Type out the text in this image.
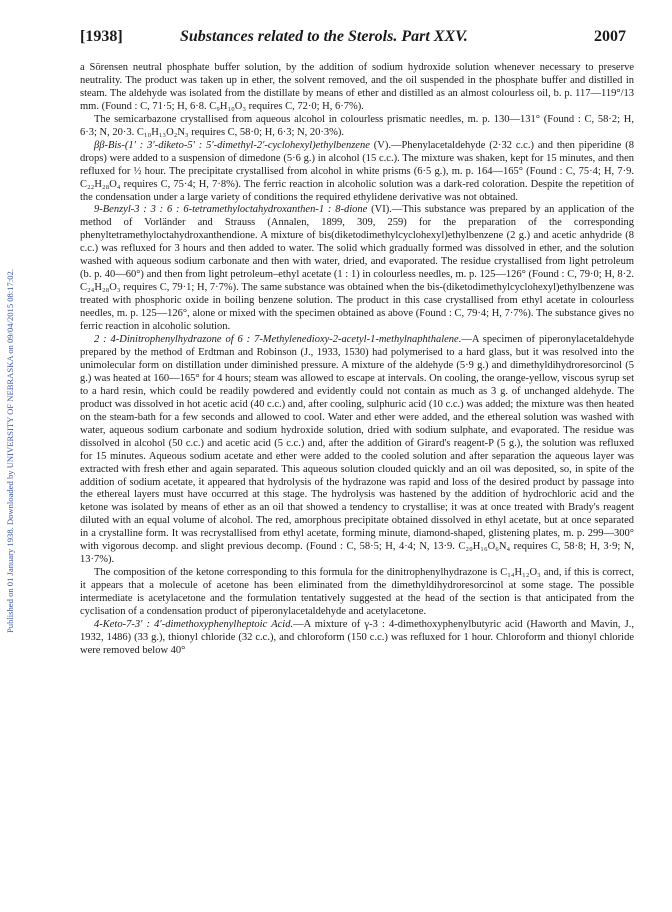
Published on 01 January 1938. Downloaded by UNIVERSITY OF NEBRASKA on 09/04/2015 08:17:02.
[1938]	Substances related to the Sterols. Part XXV.	2007

a Sörensen neutral phosphate buffer solution, by the addition of sodium hydroxide solution whenever necessary to preserve neutrality. The product was taken up in ether, the solvent removed, and the oil suspended in the phosphate buffer and distilled in steam. The aldehyde was isolated from the distillate by means of ether and distilled as an almost colourless oil, b. p. 117—119°/13 mm. (Found : C, 71·5; H, 6·8. C₉H₁₀O₃ requires C, 72·0; H, 6·7%).

The semicarbazone crystallised from aqueous alcohol in colourless prismatic needles, m. p. 130—131° (Found : C, 58·2; H, 6·3; N, 20·3. C₁₀H₁₃O₂N₃ requires C, 58·0; H, 6·3; N, 20·3%).

ββ-Bis-(1′ : 3′-diketo-5′ : 5′-dimethyl-2′-cyclohexyl)ethylbenzene (V).—Phenylacetaldehyde (2·32 c.c.) and then piperidine (8 drops) were added to a suspension of dimedone (5·6 g.) in alcohol (15 c.c.). The mixture was shaken, kept for 15 minutes, and then refluxed for ½ hour. The precipitate crystallised from alcohol in white prisms (6·5 g.), m. p. 164—165° (Found : C, 75·4; H, 7·9. C₂₂H₂₈O₄ requires C, 75·4; H, 7·8%). The ferric reaction in alcoholic solution was a dark-red coloration. Despite the repetition of the condensation under a large variety of conditions the required ethylidene derivative was not obtained.

9-Benzyl-3 : 3 : 6 : 6-tetramethyloctahydroxanthen-1 : 8-dione (VI).—This substance was prepared by an application of the method of Vorländer and Strauss (Annalen, 1899, 309, 259) for the preparation of the corresponding phenyltetramethyloctahydroxanthendione. A mixture of bis(diketodimethylcyclohexyl)ethylbenzene (2 g.) and acetic anhydride (8 c.c.) was refluxed for 3 hours and then added to water. The solid which gradually formed was dissolved in ether, and the solution washed with aqueous sodium carbonate and then with water, dried, and evaporated. The residue crystallised from light petroleum (b. p. 40—60°) and then from light petroleum–ethyl acetate (1 : 1) in colourless needles, m. p. 125—126° (Found : C, 79·0; H, 8·2. C₂₄H₂₈O₃ requires C, 79·1; H, 7·7%). The same substance was obtained when the bis-(diketodimethylcyclohexyl)ethylbenzene was treated with phosphoric oxide in boiling benzene solution. The product in this case crystallised from ethyl acetate in colourless needles, m. p. 125—126°, alone or mixed with the specimen obtained as above (Found : C, 79·4; H, 7·7%). The substance gives no ferric reaction in alcoholic solution.

2 : 4-Dinitrophenylhydrazone of 6 : 7-Methylenedioxy-2-acetyl-1-methylnaphthalene.—A specimen of piperonylacetaldehyde prepared by the method of Erdtman and Robinson (J., 1933, 1530) had polymerised to a hard glass, but it was resolved into the unimolecular form on distillation under diminished pressure. A mixture of the aldehyde (5·9 g.) and dimethyldihydroresorcinol (5 g.) was heated at 160—165° for 4 hours; steam was allowed to escape at intervals. On cooling, the orange-yellow, viscous syrup set to a hard resin, which could be readily powdered and evidently could not contain as much as 3 g. of unchanged aldehyde. The product was dissolved in hot acetic acid (40 c.c.) and, after cooling, sulphuric acid (10 c.c.) was added; the mixture was then heated on the steam-bath for a few seconds and allowed to cool. Water and ether were added, and the ethereal solution was washed with water, aqueous sodium carbonate and sodium hydroxide solution, dried with sodium sulphate, and evaporated. The residue was dissolved in alcohol (50 c.c.) and acetic acid (5 c.c.) and, after the addition of Girard's reagent-P (5 g.), the solution was refluxed for 15 minutes. Aqueous sodium acetate and ether were added to the cooled solution and after separation the aqueous layer was extracted with fresh ether and again separated. This aqueous solution clouded quickly and an oil was deposited, so, in spite of the addition of sodium acetate, it appeared that hydrolysis of the hydrazone was rapid and loss of the desired product by passage into the ethereal layers must have occurred at this stage. The hydrolysis was hastened by the addition of hydrochloric acid and the ketone was isolated by means of ether as an oil that showed a tendency to crystallise; it was at once treated with Brady's reagent diluted with an equal volume of alcohol. The red, amorphous precipitate obtained dissolved in ethyl acetate, but at once separated in a crystalline form. It was recrystallised from ethyl acetate, forming minute, diamond-shaped, glistening plates, m. p. 299—300° with vigorous decomp. and slight previous decomp. (Found : C, 58·5; H, 4·4; N, 13·9. C₂₀H₁₆O₆N₄ requires C, 58·8; H, 3·9; N, 13·7%).

The composition of the ketone corresponding to this formula for the dinitrophenylhydrazone is C₁₄H₁₂O₃ and, if this is correct, it appears that a molecule of acetone has been eliminated from the dimethyldihydroresorcinol at some stage. The possible intermediate is acetylacetone and the formulation tentatively suggested at the head of the section is that anticipated from the cyclisation of a condensation product of piperonylacetaldehyde and acetylacetone.

4-Keto-7-3′ : 4′-dimethoxyphenylheptoic Acid.—A mixture of γ-3 : 4-dimethoxyphenylbutyric acid (Haworth and Mavin, J., 1932, 1486) (33 g.), thionyl chloride (32 c.c.), and chloroform (150 c.c.) was refluxed for 1 hour. Chloroform and thionyl chloride were removed below 40°
